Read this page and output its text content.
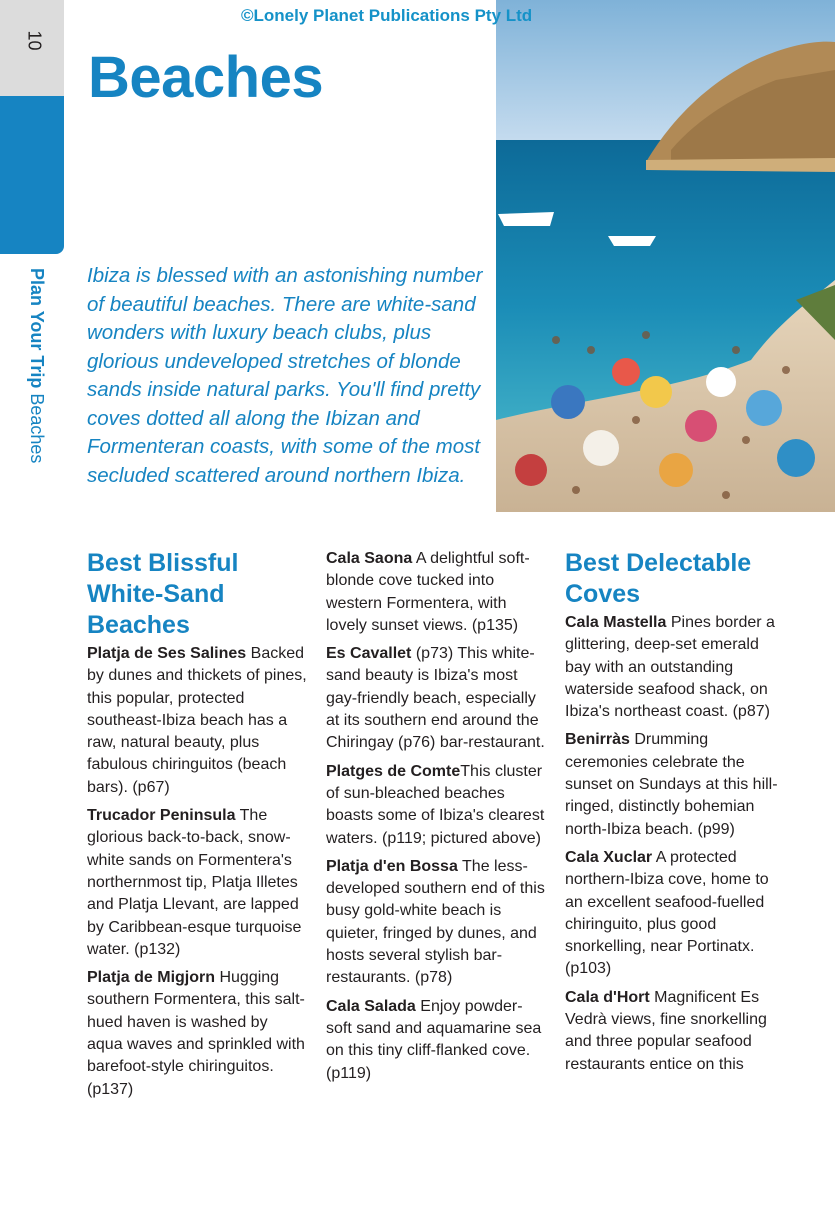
©Lonely Planet Publications Pty Ltd
10
Plan Your Trip Beaches
Beaches

Ibiza is blessed with an astonishing number of beautiful beaches. There are white-sand wonders with luxury beach clubs, plus glorious undeveloped stretches of blonde sands inside natural parks. You'll find pretty coves dotted all along the Ibizan and Formenteran coasts, with some of the most secluded scattered around northern Ibiza.

Best Blissful White-Sand Beaches

Platja de Ses Salines Backed by dunes and thickets of pines, this popular, protected southeast-Ibiza beach has a raw, natural beauty, plus fabulous chiringuitos (beach bars). (p67)

Trucador Peninsula The glorious back-to-back, snow-white sands on Formentera's northernmost tip, Platja Illetes and Platja Llevant, are lapped by Caribbean-esque turquoise water. (p132)

Platja de Migjorn Hugging southern Formentera, this salt-hued haven is washed by aqua waves and sprinkled with barefoot-style chiringuitos. (p137)

Cala Saona A delightful soft-blonde cove tucked into western Formentera, with lovely sunset views. (p135)

Es Cavallet (p73) This white-sand beauty is Ibiza's most gay-friendly beach, especially at its southern end around the Chiringay (p76) bar-restaurant.

Platges de ComteThis cluster of sun-bleached beaches boasts some of Ibiza's clearest waters. (p119; pictured above)

Platja d'en Bossa The less-developed southern end of this busy gold-white beach is quieter, fringed by dunes, and hosts several stylish bar-restaurants. (p78)

Cala Salada Enjoy powder-soft sand and aquamarine sea on this tiny cliff-flanked cove. (p119)

Best Delectable Coves

Cala Mastella Pines border a glittering, deep-set emerald bay with an outstanding waterside seafood shack, on Ibiza's northeast coast. (p87)

Benirràs Drumming ceremonies celebrate the sunset on Sundays at this hill-ringed, distinctly bohemian north-Ibiza beach. (p99)

Cala Xuclar A protected northern-Ibiza cove, home to an excellent seafood-fuelled chiringuito, plus good snorkelling, near Portinatx. (p103)

Cala d'Hort Magnificent Es Vedrà views, fine snorkelling and three popular seafood restaurants entice on this
